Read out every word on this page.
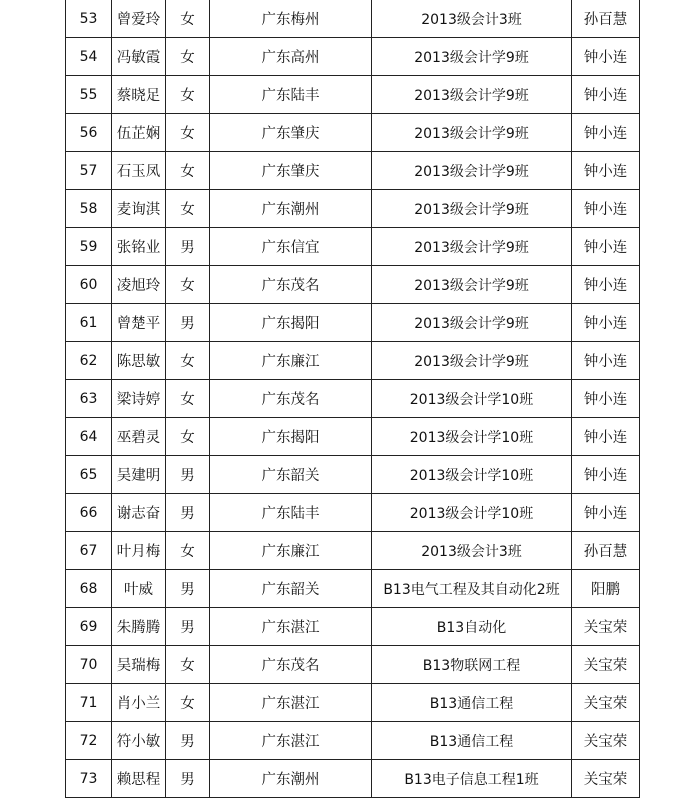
53	曾爱玲	女	广东梅州	2013级会计3班	孙百慧
54	冯敏霞	女	广东高州	2013级会计学9班	钟小连
55	蔡晓足	女	广东陆丰	2013级会计学9班	钟小连
56	伍芷娴	女	广东肇庆	2013级会计学9班	钟小连
57	石玉凤	女	广东肇庆	2013级会计学9班	钟小连
58	麦询淇	女	广东潮州	2013级会计学9班	钟小连
59	张铭业	男	广东信宜	2013级会计学9班	钟小连
60	凌旭玲	女	广东茂名	2013级会计学9班	钟小连
61	曾楚平	男	广东揭阳	2013级会计学9班	钟小连
62	陈思敏	女	广东廉江	2013级会计学9班	钟小连
63	梁诗婷	女	广东茂名	2013级会计学10班	钟小连
64	巫碧灵	女	广东揭阳	2013级会计学10班	钟小连
65	吴建明	男	广东韶关	2013级会计学10班	钟小连
66	谢志奋	男	广东陆丰	2013级会计学10班	钟小连
67	叶月梅	女	广东廉江	2013级会计3班	孙百慧
68	叶威	男	广东韶关	B13电气工程及其自动化2班	阳鹏
69	朱腾腾	男	广东湛江	B13自动化	关宝荣
70	吴瑞梅	女	广东茂名	B13物联网工程	关宝荣
71	肖小兰	女	广东湛江	B13通信工程	关宝荣
72	符小敏	男	广东湛江	B13通信工程	关宝荣
73	赖思程	男	广东潮州	B13电子信息工程1班	关宝荣
